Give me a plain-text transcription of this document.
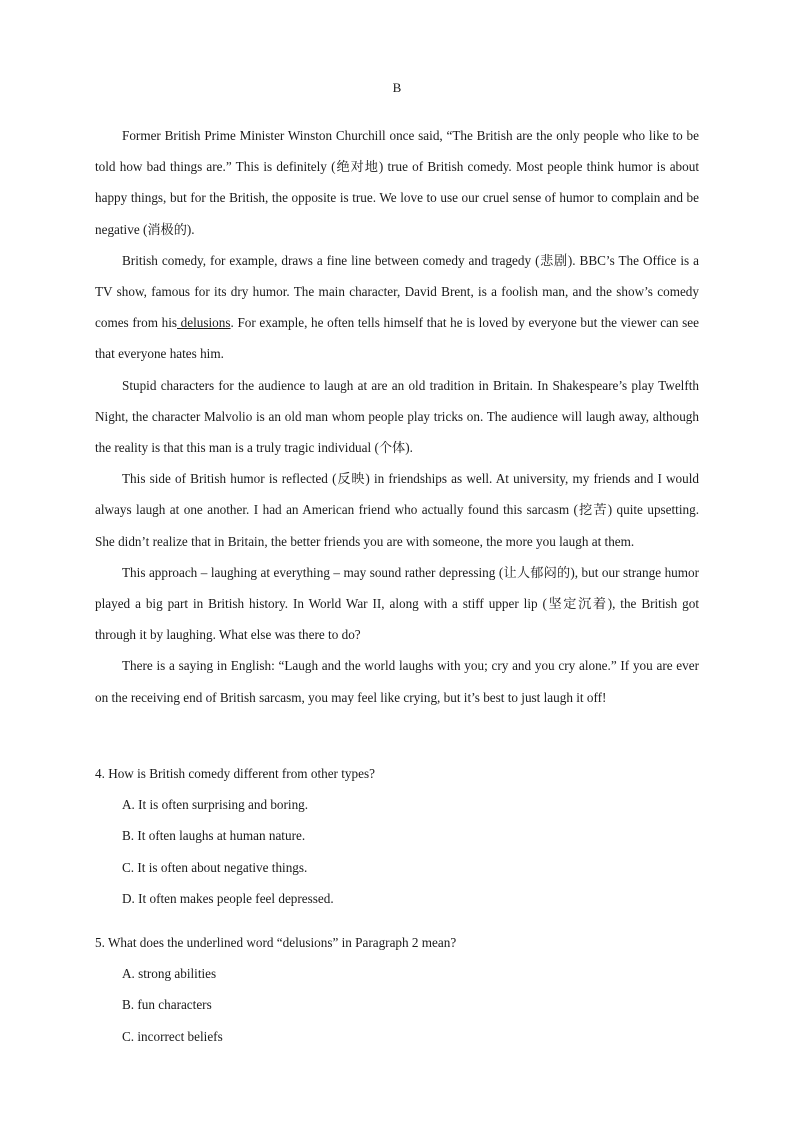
B

Former British Prime Minister Winston Churchill once said, “The British are the only people who like to be told how bad things are.” This is definitely (绝对地) true of British comedy. Most people think humor is about happy things, but for the British, the opposite is true. We love to use our cruel sense of humor to complain and be negative (消极的).

British comedy, for example, draws a fine line between comedy and tragedy (悲剧). BBC’s The Office is a TV show, famous for its dry humor. The main character, David Brent, is a foolish man, and the show’s comedy comes from his delusions. For example, he often tells himself that he is loved by everyone but the viewer can see that everyone hates him.

Stupid characters for the audience to laugh at are an old tradition in Britain. In Shakespeare’s play Twelfth Night, the character Malvolio is an old man whom people play tricks on. The audience will laugh away, although the reality is that this man is a truly tragic individual (个体).

This side of British humor is reflected (反映) in friendships as well. At university, my friends and I would always laugh at one another. I had an American friend who actually found this sarcasm (挖苦) quite upsetting. She didn’t realize that in Britain, the better friends you are with someone, the more you laugh at them.

This approach – laughing at everything – may sound rather depressing (让人郁闷的), but our strange humor played a big part in British history. In World War II, along with a stiff upper lip (坚定沉着), the British got through it by laughing. What else was there to do?

There is a saying in English: “Laugh and the world laughs with you; cry and you cry alone.” If you are ever on the receiving end of British sarcasm, you may feel like crying, but it’s best to just laugh it off!

4. How is British comedy different from other types?

A. It is often surprising and boring.

B. It often laughs at human nature.

C. It is often about negative things.

D. It often makes people feel depressed.

5. What does the underlined word “delusions” in Paragraph 2 mean?

A. strong abilities

B. fun characters

C. incorrect beliefs
